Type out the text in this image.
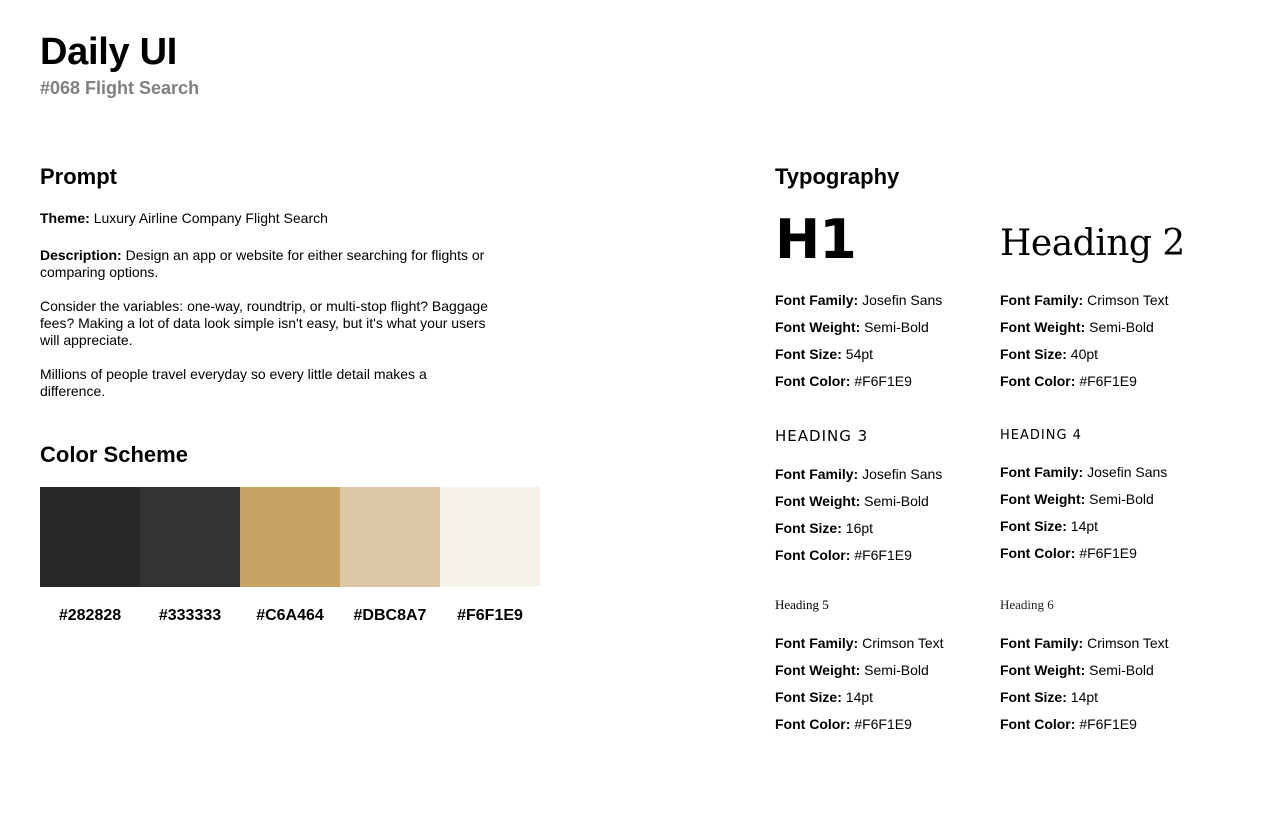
Daily UI
#068 Flight Search
Prompt
Theme: Luxury Airline Company Flight Search
Description: Design an app or website for either searching for flights or comparing options.
Consider the variables: one-way, roundtrip, or multi-stop flight? Baggage fees? Making a lot of data look simple isn't easy, but it's what your users will appreciate.
Millions of people travel everyday so every little detail makes a difference.
Color Scheme
#282828	#333333	#C6A464	#DBC8A7	#F6F1E9
Typography
H1
Font Family: Josefin Sans
Font Weight: Semi-Bold
Font Size: 54pt
Font Color: #F6F1E9
Heading 2
Font Family: Crimson Text
Font Weight: Semi-Bold
Font Size: 40pt
Font Color: #F6F1E9
HEADING 3
Font Family: Josefin Sans
Font Weight: Semi-Bold
Font Size: 16pt
Font Color: #F6F1E9
HEADING 4
Font Family: Josefin Sans
Font Weight: Semi-Bold
Font Size: 14pt
Font Color: #F6F1E9
Heading 5
Font Family: Crimson Text
Font Weight: Semi-Bold
Font Size: 14pt
Font Color: #F6F1E9
Heading 6
Font Family: Crimson Text
Font Weight: Semi-Bold
Font Size: 14pt
Font Color: #F6F1E9
